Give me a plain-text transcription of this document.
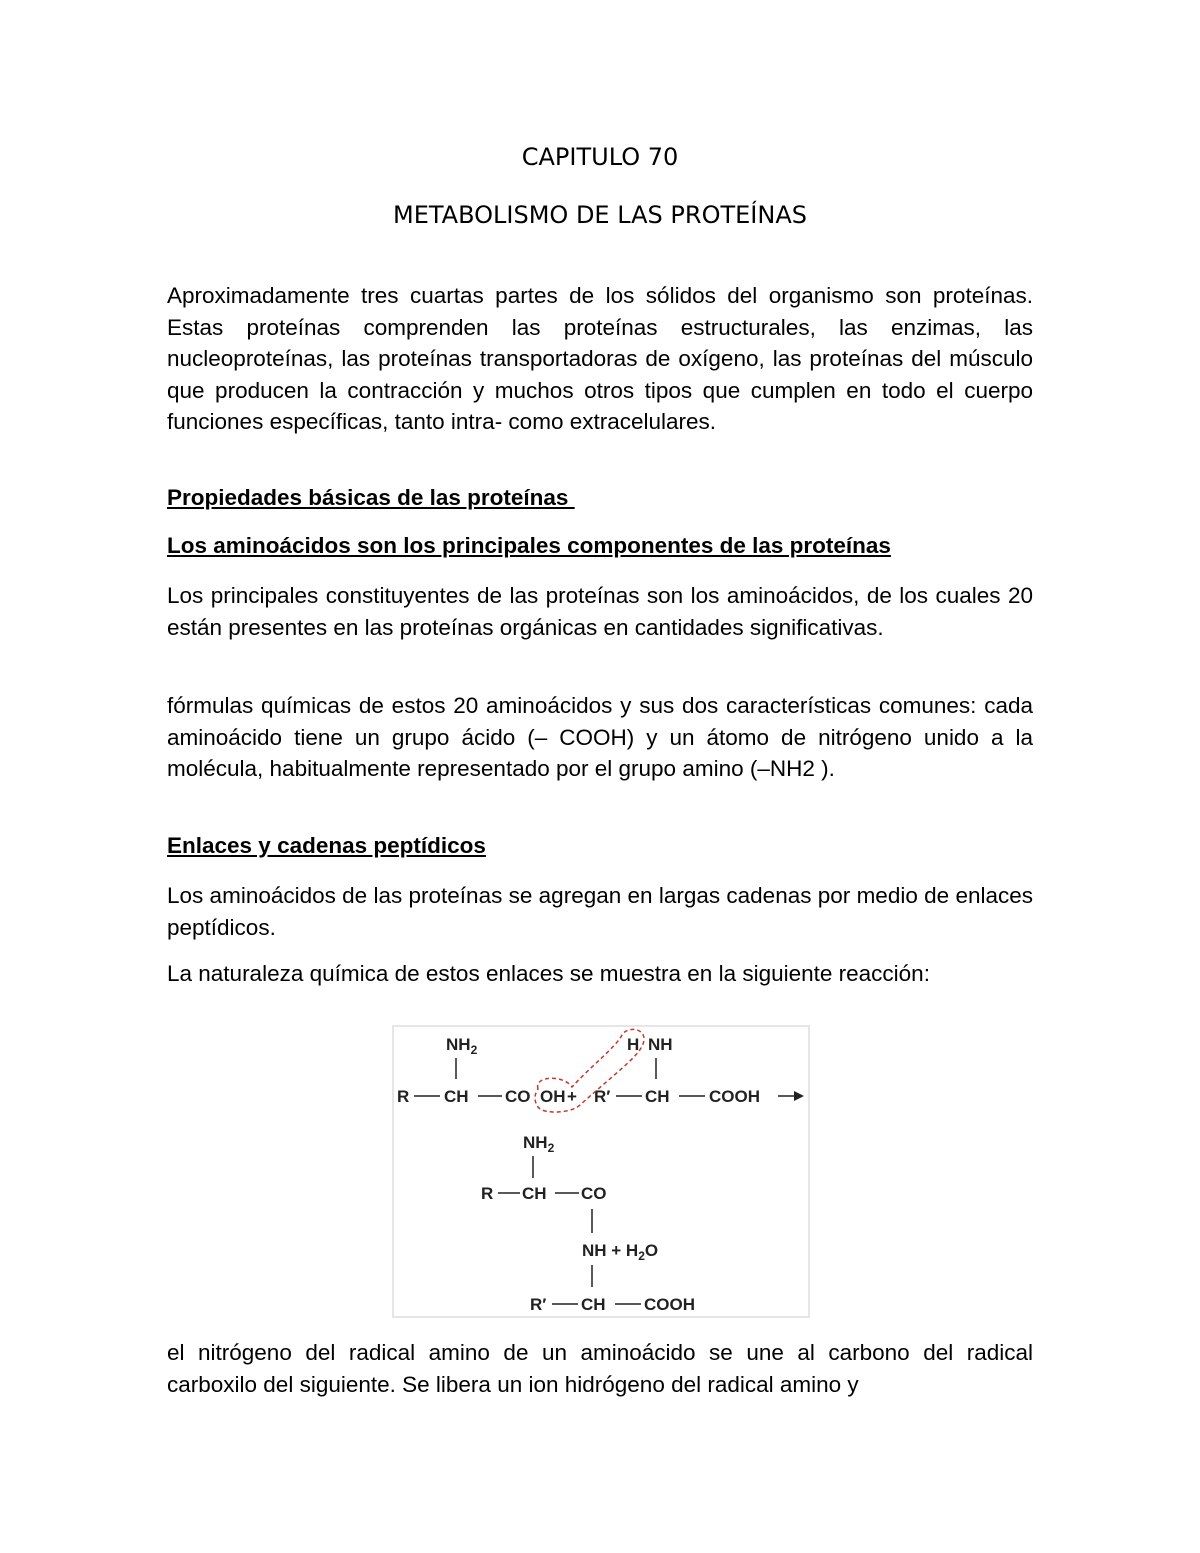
CAPITULO 70
METABOLISMO DE LAS PROTEÍNAS

Aproximadamente tres cuartas partes de los sólidos del organismo son proteínas. Estas proteínas comprenden las proteínas estructurales, las enzimas, las nucleoproteínas, las proteínas transportadoras de oxígeno, las proteínas del músculo que producen la contracción y muchos otros tipos que cumplen en todo el cuerpo funciones específicas, tanto intra- como extracelulares.

Propiedades básicas de las proteínas

Los aminoácidos son los principales componentes de las proteínas

Los principales constituyentes de las proteínas son los aminoácidos, de los cuales 20 están presentes en las proteínas orgánicas en cantidades significativas.

fórmulas químicas de estos 20 aminoácidos y sus dos características comunes: cada aminoácido tiene un grupo ácido (– COOH) y un átomo de nitrógeno unido a la molécula, habitualmente representado por el grupo amino (–NH2 ).

Enlaces y cadenas peptídicos

Los aminoácidos de las proteínas se agregan en largas cadenas por medio de enlaces peptídicos.

La naturaleza química de estos enlaces se muestra en la siguiente reacción:

$NH_2$
R CH CO OH + R′ CH COOH
H NH
$NH_2$
R CH CO
NH + $H_2O$
R′ CH COOH

el nitrógeno del radical amino de un aminoácido se une al carbono del radical carboxilo del siguiente. Se libera un ion hidrógeno del radical amino y
